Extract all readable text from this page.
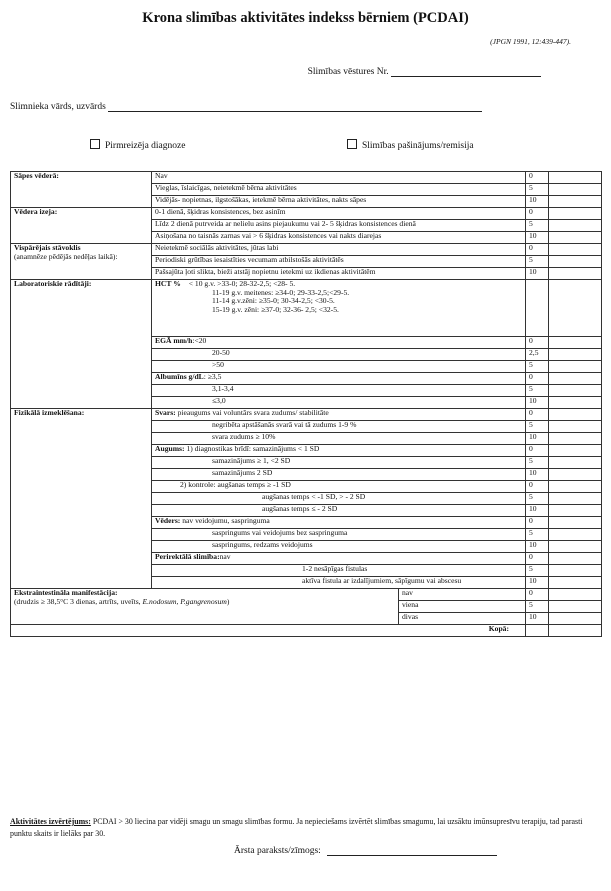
Krona slimības aktivitātes indekss bērniem (PCDAI)
(JPGN 1991, 12:439-447).
Slimības vēstures Nr.
Slimnieka vārds, uzvārds
Pirmreizēja diagnoze	Slimības pašinājums/remisija
Sāpes vēderā:	Nav		0	
	Vieglas, īslaicīgas, neietekmē bērna aktivitātes		5	
	Vidējās- nopietnas, ilgstošākas, ietekmē bērna aktivitātes, nakts sāpes		10	
Vēdera izeja:	0-1 dienā, šķidras konsistences, bez asinīm		0	
	Līdz 2 dienā putrveida ar nelielu asins piejaukumu vai 2- 5 šķidras konsistences dienā		5	
	Asiņošana no taisnās zarnas vai > 6 šķidras konsistences vai nakts diarejas		10	
Vispārējais stāvoklis
(anamnēze pēdējās nedēļas laikā):	Neietekmē sociālās aktivitātes, jūtas labi		0	
	Periodiski grūtības iesaistīties vecumam atbilstošās aktivitātēs		5	
	Pašsajūta ļoti slikta, bieži atstāj nopietnu ietekmi uz ikdienas aktivitātēm		10	
Laboratoriskie rādītāji:	HCT % < 10 g.v. >33-0; 28-32-2,5; <28- 5.
11-19 g.v. meitenes: ≥34-0; 29-33-2,5;<29-5.
11-14 g.v.zēni: ≥35-0; 30-34-2,5; <30-5.
15-19 g.v. zēni: ≥37-0; 32-36- 2,5; <32-5.			
	EGĀ mm/h:<20		0	
	20-50		2,5	
	>50		5	
	Albumīns g/dL: ≥3,5		0	
	3,1-3,4		5	
	≤3,0		10	
Fizikālā izmeklēšana:	Svars: pieaugums vai voluntārs svara zudums/ stabilitāte		0	
	negribēta apstāšanās svarā vai tā zudums 1-9 %		5	
	svara zudums ≥ 10%		10	
	Augums: 1) diagnostikas brīdī: samazinājums < 1 SD		0	
	samazinājums ≥ 1, <2 SD		5	
	samazinājums 2 SD		10	
	2) kontrole: augšanas temps ≥ -1 SD		0	
	augšanas temps < -1 SD, > - 2 SD		5	
	augšanas temps ≤ - 2 SD		10	
	Vēders: nav veidojumu, saspringuma		0	
	saspringums vai veidojums bez saspringuma		5	
	saspringums, redzams veidojums		10	
	Perirektālā slimība:nav		0	
	1-2 nesāpīgas fistulas		5	
	aktīva fistula ar izdalījumiem, sāpīgumu vai abscesu		10	
Ekstraintestināla manifestācija:
(drudzis ≥ 38,5°C 3 dienas, artrīts, uveīts, E.nodosum, P.gangrenosum)		nav	0	
		viena	5	
		divas	10	
Kopā:				
Aktivitātes izvērtējums: PCDAI > 30 liecina par vidēji smagu un smagu slimības formu. Ja nepieciešams izvērtēt slimības smagumu, lai uzsāktu imūnsupresīvu terapiju, tad parasti punktu skaits ir lielāks par 30.
Ārsta paraksts/zīmogs:
